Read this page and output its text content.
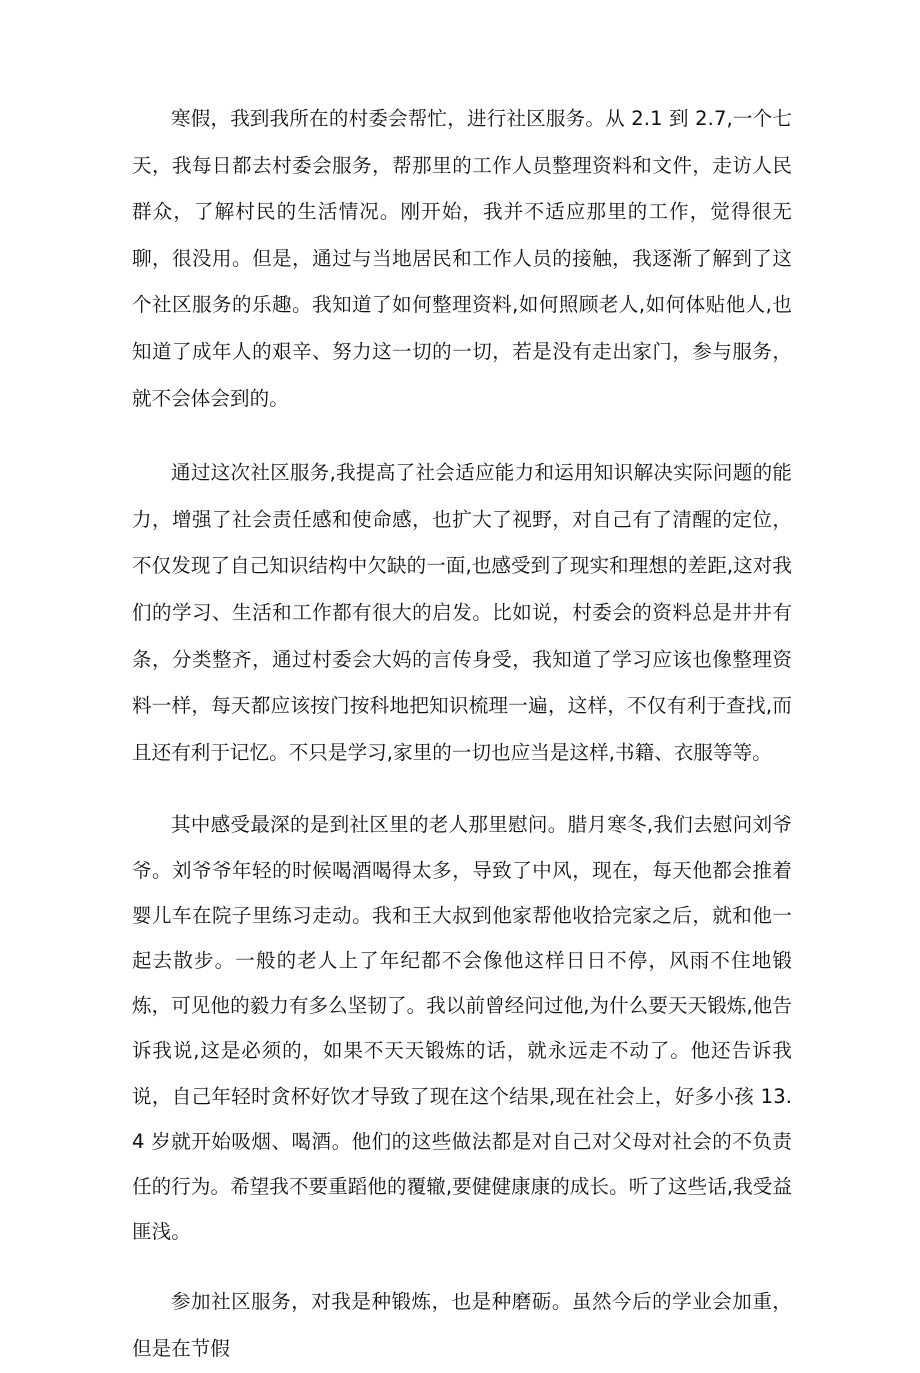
寒假，我到我所在的村委会帮忙，进行社区服务。从 2.1 到 2.7,一个七天，我每日都去村委会服务，帮那里的工作人员整理资料和文件，走访人民群众，了解村民的生活情况。刚开始，我并不适应那里的工作，觉得很无聊，很没用。但是，通过与当地居民和工作人员的接触，我逐渐了解到了这个社区服务的乐趣。我知道了如何整理资料,如何照顾老人,如何体贴他人,也知道了成年人的艰辛、努力这一切的一切，若是没有走出家门，参与服务，就不会体会到的。

通过这次社区服务,我提高了社会适应能力和运用知识解决实际问题的能力，增强了社会责任感和使命感，也扩大了视野，对自己有了清醒的定位，不仅发现了自己知识结构中欠缺的一面,也感受到了现实和理想的差距,这对我们的学习、生活和工作都有很大的启发。比如说，村委会的资料总是井井有条，分类整齐，通过村委会大妈的言传身受，我知道了学习应该也像整理资料一样，每天都应该按门按科地把知识梳理一遍，这样，不仅有利于查找,而且还有利于记忆。不只是学习,家里的一切也应当是这样,书籍、衣服等等。

其中感受最深的是到社区里的老人那里慰问。腊月寒冬,我们去慰问刘爷爷。刘爷爷年轻的时候喝酒喝得太多，导致了中风，现在，每天他都会推着婴儿车在院子里练习走动。我和王大叔到他家帮他收拾完家之后，就和他一起去散步。一般的老人上了年纪都不会像他这样日日不停，风雨不住地锻炼，可见他的毅力有多么坚韧了。我以前曾经问过他,为什么要天天锻炼,他告诉我说,这是必须的，如果不天天锻炼的话，就永远走不动了。他还告诉我说，自己年轻时贪杯好饮才导致了现在这个结果,现在社会上，好多小孩 13.4 岁就开始吸烟、喝酒。他们的这些做法都是对自己对父母对社会的不负责任的行为。希望我不要重蹈他的覆辙,要健健康康的成长。听了这些话,我受益匪浅。

参加社区服务，对我是种锻炼，也是种磨砺。虽然今后的学业会加重，但是在节假
